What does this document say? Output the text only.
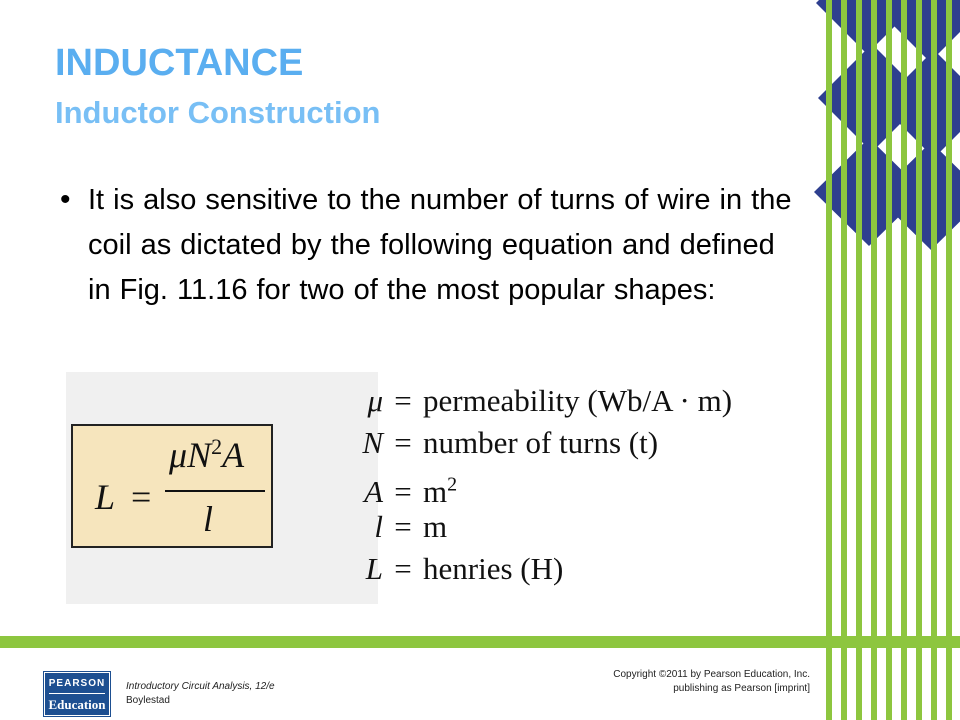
INDUCTANCE
Inductor Construction
• It is also sensitive to the number of turns of wire in the coil as dictated by the following equation and defined in Fig. 11.16 for two of the most popular shapes:

L =
$\mu N^2A$
l
μ = permeability (Wb/A · m)
N = number of turns (t)
$A = m^2$
l = m
L = henries (H)
PEARSON
Education
Introductory Circuit Analysis, 12/e
Boylestad
Copyright ©2011 by Pearson Education, Inc.
publishing as Pearson [imprint]
